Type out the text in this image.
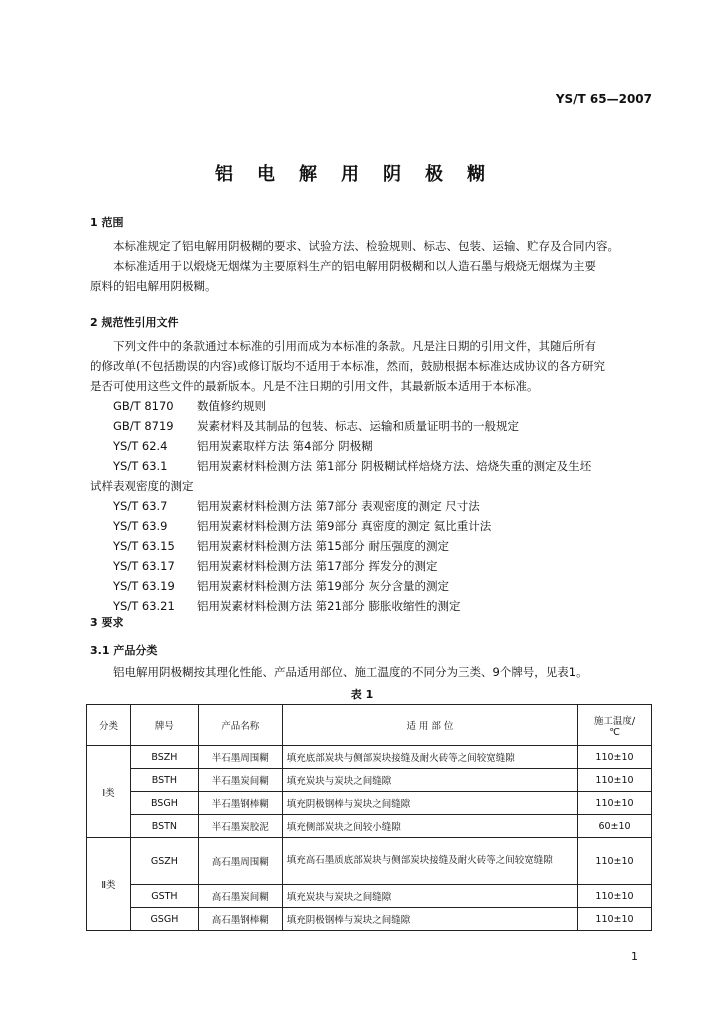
YS/T 65—2007
铝电解用阴极糊
1 范围
本标准规定了铝电解用阴极糊的要求、试验方法、检验规则、标志、包装、运输、贮存及合同内容。
本标准适用于以煅烧无烟煤为主要原料生产的铝电解用阴极糊和以人造石墨与煅烧无烟煤为主要
原料的铝电解用阴极糊。
2 规范性引用文件
下列文件中的条款通过本标准的引用而成为本标准的条款。凡是注日期的引用文件，其随后所有
的修改单(不包括勘误的内容)或修订版均不适用于本标准，然而，鼓励根据本标准达成协议的各方研究
是否可使用这些文件的最新版本。凡是不注日期的引用文件，其最新版本适用于本标准。
GB/T 8170 数值修约规则
GB/T 8719 炭素材料及其制品的包装、标志、运输和质量证明书的一般规定
YS/T 62.4	铝用炭素取样方法 第4部分 阴极糊
YS/T 63.1	铝用炭素材料检测方法 第1部分 阴极糊试样焙烧方法、焙烧失重的测定及生坯
试样表观密度的测定
YS/T 63.7	铝用炭素材料检测方法 第7部分 表观密度的测定 尺寸法
YS/T 63.9	铝用炭素材料检测方法 第9部分 真密度的测定 氦比重计法
YS/T 63.15 铝用炭素材料检测方法 第15部分 耐压强度的测定
YS/T 63.17 铝用炭素材料检测方法 第17部分 挥发分的测定
YS/T 63.19 铝用炭素材料检测方法 第19部分 灰分含量的测定
YS/T 63.21 铝用炭素材料检测方法 第21部分 膨胀收缩性的测定
3 要求
3.1 产品分类
铝电解用阴极糊按其理化性能、产品适用部位、施工温度的不同分为三类、9个牌号，见表1。
表 1
分类	牌号	产品名称	适 用 部 位	施工温度/
℃

Ⅰ类	BSZH	半石墨周围糊	填充底部炭块与侧部炭块接缝及耐火砖等之间较宽缝隙	110±10
	BSTH	半石墨炭间糊	填充炭块与炭块之间缝隙	110±10
	BSGH	半石墨钢棒糊	填充阴极钢棒与炭块之间缝隙	110±10
	BSTN	半石墨炭胶泥	填充侧部炭块之间较小缝隙	60±10
Ⅱ类	GSZH	高石墨周围糊	填充高石墨质底部炭块与侧部炭块接缝及耐火砖等之间较宽缝隙	110±10
	GSTH	高石墨炭间糊	填充炭块与炭块之间缝隙	110±10
	GSGH	高石墨钢棒糊	填充阴极钢棒与炭块之间缝隙	110±10
1
